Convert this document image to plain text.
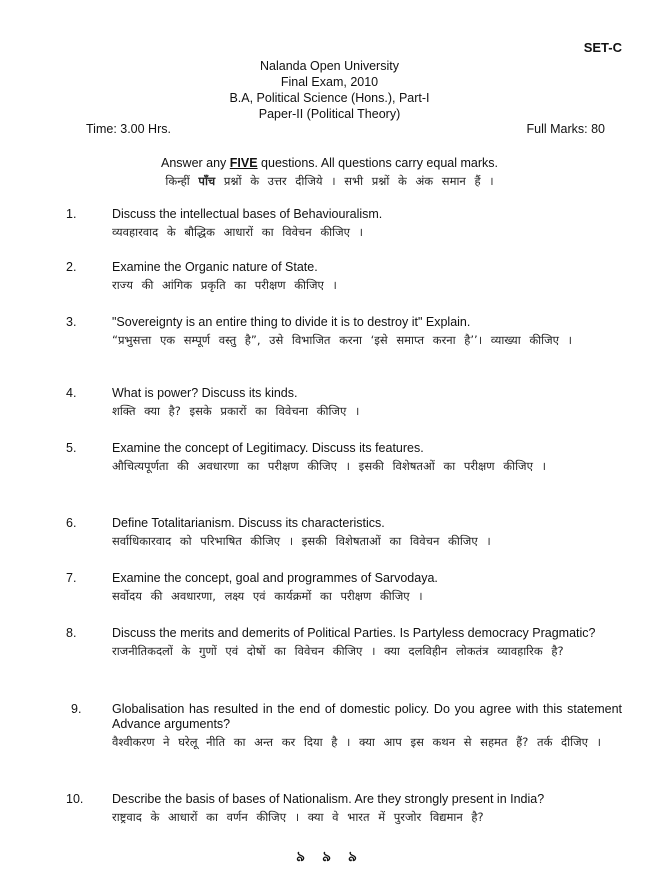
SET-C
Nalanda Open University
Final Exam, 2010
B.A, Political Science (Hons.), Part-I
Paper-II (Political Theory)
Time: 3.00 Hrs.	Full Marks: 80
Answer any FIVE questions. All questions carry equal marks.
किन्हीं पाँच प्रश्नों के उत्तर दीजिये । सभी प्रश्नों के अंक समान हैं ।
1.	Discuss the intellectual bases of Behaviouralism.
व्यवहारवाद के बौद्धिक आधारों का विवेचन कीजिए ।
2.	Examine the Organic nature of State.
राज्य की आंगिक प्रकृति का परीक्षण कीजिए ।
3.	"Sovereignty is an entire thing to divide it is to destroy it" Explain.
“प्रभुसत्ता एक सम्पूर्ण वस्तु है”, उसे विभाजित करना ‘इसे समाप्त करना है’’। व्याख्या कीजिए ।
4.	What is power? Discuss its kinds.
शक्ति क्या है? इसके प्रकारों का विवेचना कीजिए ।
5.	Examine the concept of Legitimacy. Discuss its features.
औचित्यपूर्णता की अवधारणा का परीक्षण कीजिए । इसकी विशेषतओं का परीक्षण कीजिए ।
6.	Define Totalitarianism. Discuss its characteristics.
सर्वाधिकारवाद को परिभाषित कीजिए । इसकी विशेषताओं का विवेचन कीजिए ।
7.	Examine the concept, goal and programmes of Sarvodaya.
सर्वोदय की अवधारणा, लक्ष्य एवं कार्यक्रमों का परीक्षण कीजिए ।
8.	Discuss the merits and demerits of Political Parties. Is Partyless democracy Pragmatic?
राजनीतिकदलों के गुणों एवं दोषों का विवेचन कीजिए । क्या दलविहीन लोकतंत्र व्यावहारिक है?
9. Globalisation has resulted in the end of domestic policy. Do you agree with this statement Advance arguments?
वैश्वीकरण ने घरेलू नीति का अन्त कर दिया है । क्या आप इस कथन से सहमत हैं? तर्क दीजिए ।
10. Describe the basis of bases of Nationalism. Are they strongly present in India?
राष्ट्रवाद के आधारों का वर्णन कीजिए । क्या वे भारत में पुरजोर विद्यमान है?
৯ ৯ ৯
